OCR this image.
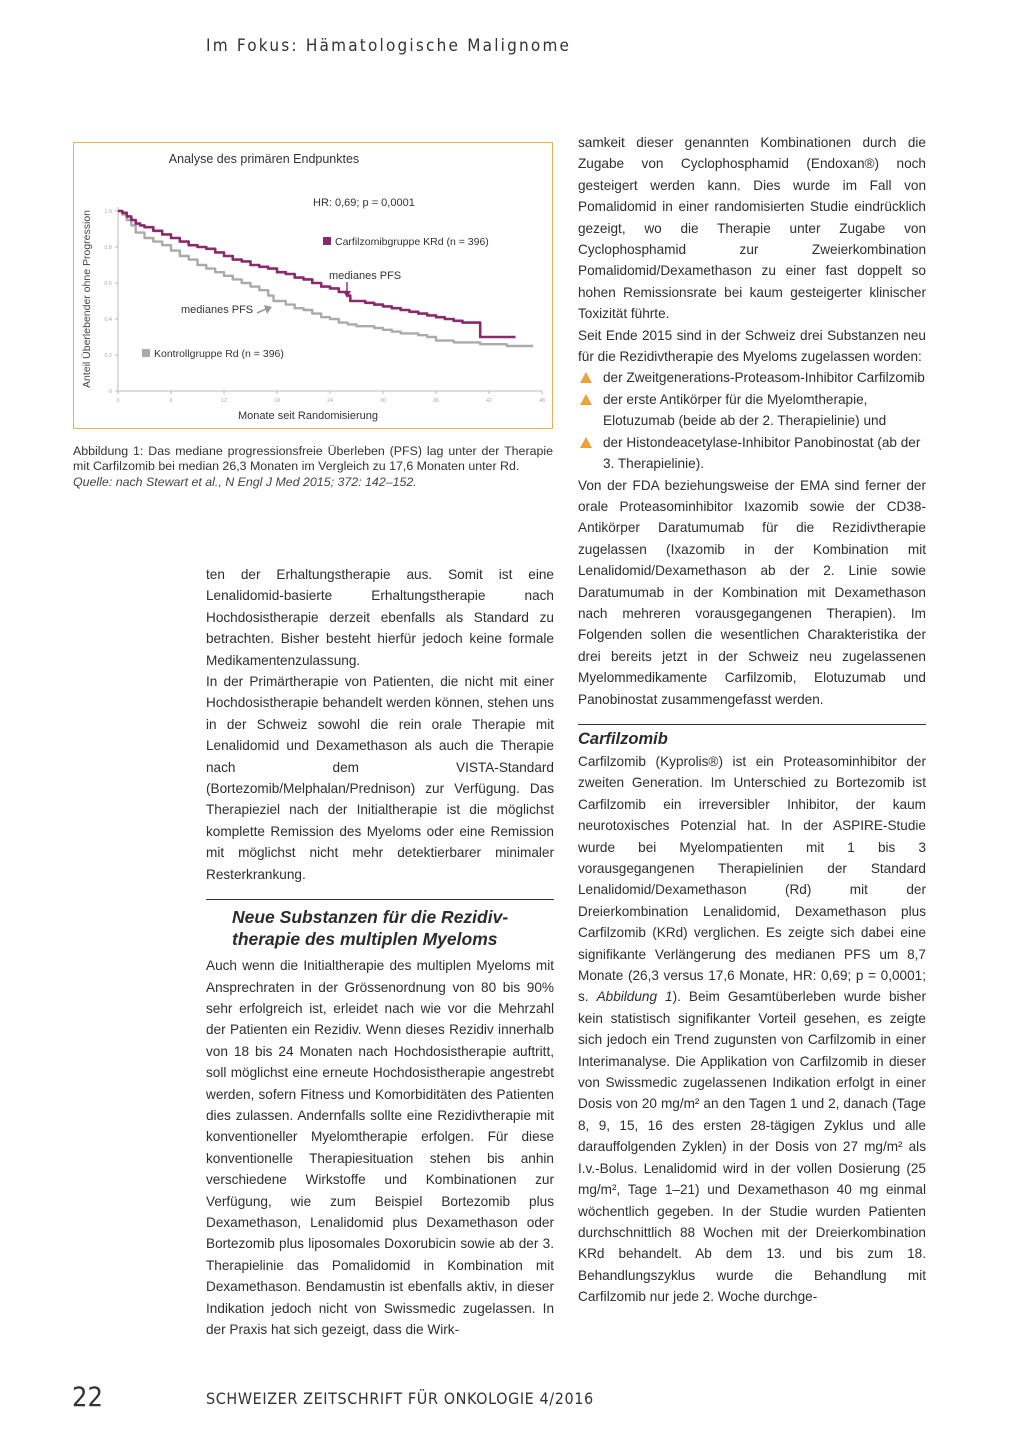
Im Fokus: Hämatologische Malignome
Analyse des primären Endpunktes
Anteil Überlebender ohne Progression
Monate seit Randomisierung
0
0.2
0.4
0.6
0.8
1.0
0	6	12	18	24	30	36	42	48
HR: 0,69; p = 0,0001
Carfilzomibgruppe KRd (n = 396)
medianes PFS
medianes PFS
Kontrollgruppe Rd (n = 396)

Abbildung 1: Das mediane progressionsfreie Überleben (PFS) lag unter der Therapie mit Carfilzomib bei median 26,3 Monaten im Vergleich zu 17,6 Monaten unter Rd.

Quelle: nach Stewart et al., N Engl J Med 2015; 372: 142–152.

ten der Erhaltungstherapie aus. Somit ist eine Lenalidomid-basierte Erhaltungstherapie nach Hochdosistherapie derzeit ebenfalls als Standard zu betrachten. Bisher besteht hierfür jedoch keine formale Medikamentenzulassung.

In der Primärtherapie von Patienten, die nicht mit einer Hochdosistherapie behandelt werden können, stehen uns in der Schweiz sowohl die rein orale Therapie mit Lenalidomid und Dexamethason als auch die Therapie nach dem VISTA-Standard (Bortezomib/Melphalan/Prednison) zur Verfügung. Das Therapieziel nach der Initialtherapie ist die möglichst komplette Remission des Myeloms oder eine Remission mit möglichst nicht mehr detektierbarer minimaler Resterkrankung.

Neue Substanzen für die Rezidiv-
therapie des multiplen Myeloms

Auch wenn die Initialtherapie des multiplen Myeloms mit Ansprechraten in der Grössenordnung von 80 bis 90% sehr erfolgreich ist, erleidet nach wie vor die Mehrzahl der Patienten ein Rezidiv. Wenn dieses Rezidiv innerhalb von 18 bis 24 Monaten nach Hochdosistherapie auftritt, soll möglichst eine erneute Hochdosistherapie angestrebt werden, sofern Fitness und Komorbiditäten des Patienten dies zulassen. Andernfalls sollte eine Rezidivtherapie mit konventioneller Myelomtherapie erfolgen. Für diese konventionelle Therapiesituation stehen bis anhin verschiedene Wirkstoffe und Kombinationen zur Verfügung, wie zum Beispiel Bortezomib plus Dexamethason, Lenalidomid plus Dexamethason oder Bortezomib plus liposomales Doxorubicin sowie ab der 3. Therapielinie das Pomalidomid in Kombination mit Dexamethason. Bendamustin ist ebenfalls aktiv, in dieser Indikation jedoch nicht von Swissmedic zugelassen. In der Praxis hat sich gezeigt, dass die Wirk-

samkeit dieser genannten Kombinationen durch die Zugabe von Cyclophosphamid (Endoxan®) noch gesteigert werden kann. Dies wurde im Fall von Pomalidomid in einer randomisierten Studie eindrücklich gezeigt, wo die Therapie unter Zugabe von Cyclophosphamid zur Zweierkombination Pomalidomid/Dexamethason zu einer fast doppelt so hohen Remissionsrate bei kaum gesteigerter klinischer Toxizität führte.

Seit Ende 2015 sind in der Schweiz drei Substanzen neu für die Rezidivtherapie des Myeloms zugelassen worden:

der Zweitgenerations-Proteasom-Inhibitor Carfilzomib
der erste Antikörper für die Myelomtherapie, Elotuzumab (beide ab der 2. Therapielinie) und
der Histondeacetylase-Inhibitor Panobinostat (ab der 3. Therapielinie).

Von der FDA beziehungsweise der EMA sind ferner der orale Proteasominhibitor Ixazomib sowie der CD38-Antikörper Daratumumab für die Rezidivtherapie zugelassen (Ixazomib in der Kombination mit Lenalidomid/Dexamethason ab der 2. Linie sowie Daratumumab in der Kombination mit Dexamethason nach mehreren vorausgegangenen Therapien). Im Folgenden sollen die wesentlichen Charakteristika der drei bereits jetzt in der Schweiz neu zugelassenen Myelommedikamente Carfilzomib, Elotuzumab und Panobinostat zusammengefasst werden.

Carfilzomib

Carfilzomib (Kyprolis®) ist ein Proteasominhibitor der zweiten Generation. Im Unterschied zu Bortezomib ist Carfilzomib ein irreversibler Inhibitor, der kaum neurotoxisches Potenzial hat. In der ASPIRE-Studie wurde bei Myelompatienten mit 1 bis 3 vorausgegangenen Therapielinien der Standard Lenalidomid/Dexamethason (Rd) mit der Dreierkombination Lenalidomid, Dexamethason plus Carfilzomib (KRd) verglichen. Es zeigte sich dabei eine signifikante Verlängerung des medianen PFS um 8,7 Monate (26,3 versus 17,6 Monate, HR: 0,69; p = 0,0001; s. Abbildung 1). Beim Gesamtüberleben wurde bisher kein statistisch signifikanter Vorteil gesehen, es zeigte sich jedoch ein Trend zugunsten von Carfilzomib in einer Interimanalyse. Die Applikation von Carfilzomib in dieser von Swissmedic zugelassenen Indikation erfolgt in einer Dosis von 20 mg/m² an den Tagen 1 und 2, danach (Tage 8, 9, 15, 16 des ersten 28-tägigen Zyklus und alle darauffolgenden Zyklen) in der Dosis von 27 mg/m² als I.v.-Bolus. Lenalidomid wird in der vollen Dosierung (25 mg/m², Tage 1–21) und Dexamethason 40 mg einmal wöchentlich gegeben. In der Studie wurden Patienten durchschnittlich 88 Wochen mit der Dreierkombination KRd behandelt. Ab dem 13. und bis zum 18. Behandlungszyklus wurde die Behandlung mit Carfilzomib nur jede 2. Woche durchge-

22	SCHWEIZER ZEITSCHRIFT FÜR ONKOLOGIE 4/2016
